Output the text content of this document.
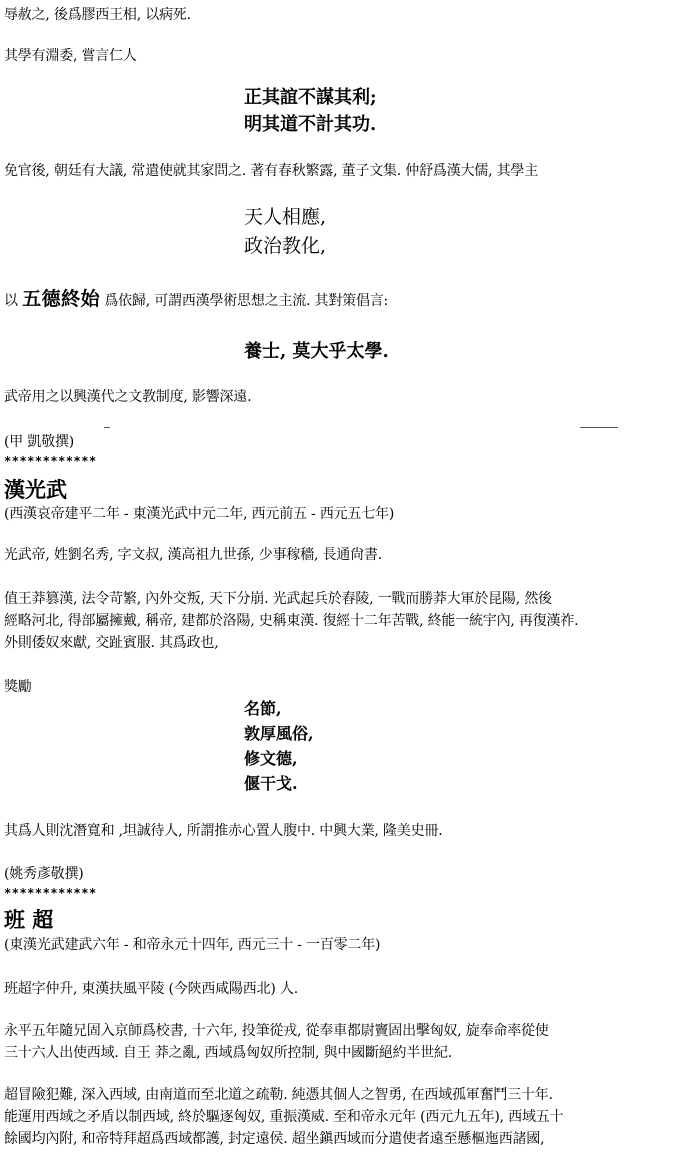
辱赦之, 後爲膠西王相, 以病死.
其學有淵委, 嘗言仁人
正其誼不謀其利;
明其道不計其功.
免官後, 朝廷有大議, 常遣使就其家問之. 著有春秋繁露, 董子文集. 仲舒爲漢大儒, 其學主
天人相應,
政治教化,
以 五德終始 爲依歸, 可謂西漢學術思想之主流. 其對策倡言:
養士, 莫大乎太學.
武帝用之以興漢代之文教制度, 影響深遠.
(甲 凱敬撰)
************
漢光武
(西漢哀帝建平二年 - 東漢光武中元二年, 西元前五 - 西元五七年)
光武帝, 姓劉名秀, 字文叔, 漢高祖九世孫, 少事稼穡, 長通尙書.
值王莽篡漢, 法令苛繁, 內外交叛, 天下分崩. 光武起兵於舂陵, 一戰而勝莽大軍於昆陽, 然後
經略河北, 得部屬擁戴, 稱帝, 建都於洛陽, 史稱東漢. 復經十二年苦戰, 終能一統宇內, 再復漢祚.
外則倭奴來獻, 交趾賓服. 其爲政也,
獎勵
名節,
敦厚風俗,
修文德,
偃干戈.
其爲人則沈潛寬和 ,坦誠待人, 所謂推赤心置人腹中. 中興大業, 隆美史冊.
(姚秀彥敬撰)
************
班 超
(東漢光武建武六年 - 和帝永元十四年, 西元三十 - 一百零二年)
班超字仲升, 東漢扶風平陵 (今陝西咸陽西北) 人.
永平五年隨兄固入京師爲校書, 十六年, 投筆從戎, 從奉車都尉竇固出擊匈奴, 旋奉命率從使
三十六人出使西域. 自王 莽之亂, 西域爲匈奴所控制, 與中國斷絕約半世紀.
超冒險犯難, 深入西域, 由南道而至北道之疏勒. 純憑其個人之智勇, 在西域孤軍奮鬥三十年.
能運用西域之矛盾以制西域, 終於驅逐匈奴, 重振漢威. 至和帝永元年 (西元九五年), 西域五十
餘國均內附, 和帝特拜超爲西域都護, 封定遠侯. 超坐鎭西域而分遣使者遠至懸樞迤西諸國,
